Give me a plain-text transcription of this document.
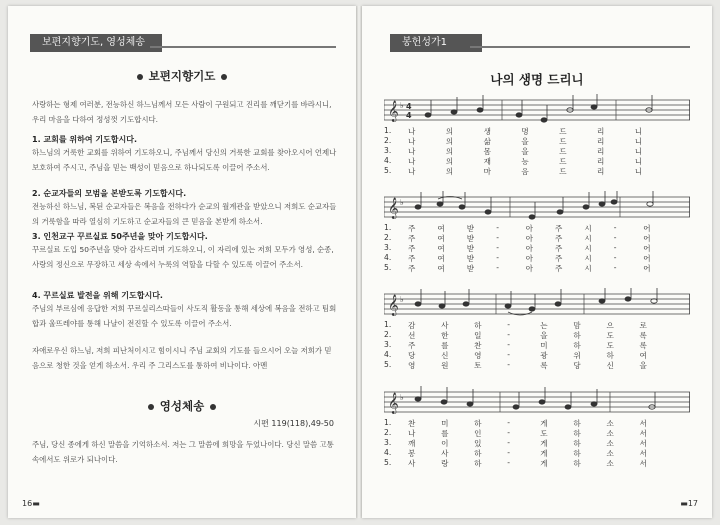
보편지향기도, 영성체송
보편지향기도
사랑하는 형제 여러분, 전능하신 하느님께서 모든 사람이 구원되고 진리를 깨닫기를 바라시니, 우리 마음을 다하여 정성껏 기도합시다.
1. 교회를 위하여 기도합시다.
하느님의 거룩한 교회를 위하여 기도하오니, 주님께서 당신의 거룩한 교회를 찾아오시어 언제나 보호하여 주시고, 주님을 믿는 백성이 믿음으로 하나되도록 이끌어 주소서.
2. 순교자들의 모범을 본받도록 기도합시다.
전능하신 하느님, 복된 순교자들은 복음을 전하다가 순교의 월계관을 받았으니 저희도 순교자들의 거룩함을 따라 열심히 기도하고 순교자들의 큰 믿음을 본받게 하소서.
3. 인천교구 꾸르실료 50주년을 맞아 기도합시다.
꾸르실료 도입 50주년을 맞아 감사드리며 기도하오니, 이 자리에 있는 저희 모두가 영성, 순종, 사랑의 정신으로 무장하고 세상 속에서 누룩의 역할을 다할 수 있도록 이끌어 주소서.
4. 꾸르실료 발전을 위해 기도합시다.
주님의 부르심에 응답한 저희 꾸르실리스따들이 사도직 활동을 통해 세상에 복음을 전하고 팀회합과 울뜨레야를 통해 나날이 전진할 수 있도록 이끌어 주소서.
자애로우신 하느님, 저희 피난처이시고 힘이시니 주님 교회의 기도를 들으시어 오늘 저희가 믿음으로 청한 것을 얻게 하소서. 우리 주 그리스도를 통하여 비나이다. 아멘
영성체송
시편 119(118),49-50
주님, 당신 종에게 하신 말씀을 기억하소서. 저는 그 말씀에 희망을 두었나이다. 당신 말씀 고통 속에서도 위로가 되나이다.
16▬
봉헌성가1
나의 생명 드리니
𝄞 ♭ 4
4
1. 나	의	생	명	드	리	니
2. 나	의	삶	을	드	리	니
3. 나	의	몸	을	드	리	니
4. 나	의	재	능	드	리	니
5. 나	의	마	음	드	리	니
𝄞 ♭
1. 주	여	받	-	아	주	시	-	어
2. 주	여	받	-	아	주	시	-	어
3. 주	여	받	-	아	주	시	-	어
4. 주	여	받	-	아	주	시	-	어
5. 주	여	받	-	아	주	시	-	어
𝄞 ♭
1. 감	사	하	-	는	맘	으	로
2. 선	한	일	-	을	하	도	록
3. 주	를	찬	-	미	하	도	록
4. 당	신	영	-	광	위	하	여
5. 영	원	토	-	록	당	신	을
𝄞 ♭
1. 찬	미	하	-	게	하	소	서
2. 나	를	인	-	도	하	소	서
3. 깨	이	있	-	게	하	소	서
4. 봉	사	하	-	게	하	소	서
5. 사	랑	하	-	게	하	소	서
▬17
